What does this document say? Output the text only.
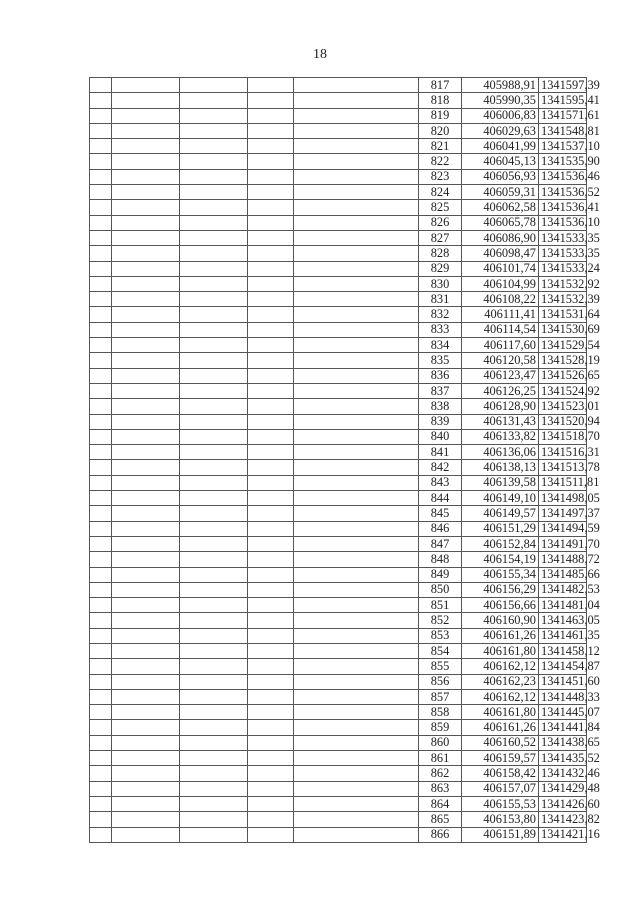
18
					817	405988,91	1341597,39
					818	405990,35	1341595,41
					819	406006,83	1341571,61
					820	406029,63	1341548,81
					821	406041,99	1341537,10
					822	406045,13	1341535,90
					823	406056,93	1341536,46
					824	406059,31	1341536,52
					825	406062,58	1341536,41
					826	406065,78	1341536,10
					827	406086,90	1341533,35
					828	406098,47	1341533,35
					829	406101,74	1341533,24
					830	406104,99	1341532,92
					831	406108,22	1341532,39
					832	406111,41	1341531,64
					833	406114,54	1341530,69
					834	406117,60	1341529,54
					835	406120,58	1341528,19
					836	406123,47	1341526,65
					837	406126,25	1341524,92
					838	406128,90	1341523,01
					839	406131,43	1341520,94
					840	406133,82	1341518,70
					841	406136,06	1341516,31
					842	406138,13	1341513,78
					843	406139,58	1341511,81
					844	406149,10	1341498,05
					845	406149,57	1341497,37
					846	406151,29	1341494,59
					847	406152,84	1341491,70
					848	406154,19	1341488,72
					849	406155,34	1341485,66
					850	406156,29	1341482,53
					851	406156,66	1341481,04
					852	406160,90	1341463,05
					853	406161,26	1341461,35
					854	406161,80	1341458,12
					855	406162,12	1341454,87
					856	406162,23	1341451,60
					857	406162,12	1341448,33
					858	406161,80	1341445,07
					859	406161,26	1341441,84
					860	406160,52	1341438,65
					861	406159,57	1341435,52
					862	406158,42	1341432,46
					863	406157,07	1341429,48
					864	406155,53	1341426,60
					865	406153,80	1341423,82
					866	406151,89	1341421,16
